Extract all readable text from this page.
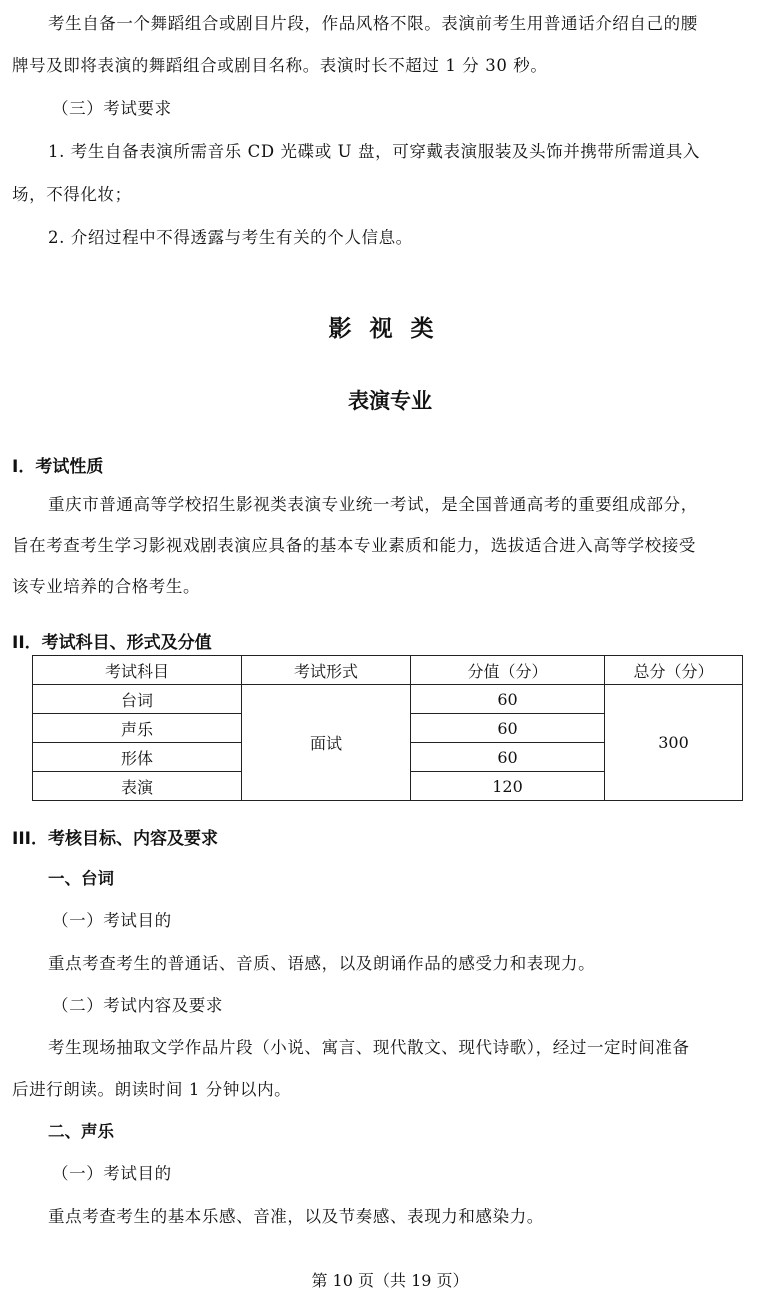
考生自备一个舞蹈组合或剧目片段，作品风格不限。表演前考生用普通话介绍自己的腰
牌号及即将表演的舞蹈组合或剧目名称。表演时长不超过 1 分 30 秒。
（三）考试要求
1. 考生自备表演所需音乐 CD 光碟或 U 盘，可穿戴表演服装及头饰并携带所需道具入
场，不得化妆；
2. 介绍过程中不得透露与考生有关的个人信息。
影视类
表演专业
I．考试性质
重庆市普通高等学校招生影视类表演专业统一考试，是全国普通高考的重要组成部分，
旨在考查考生学习影视戏剧表演应具备的基本专业素质和能力，选拔适合进入高等学校接受
该专业培养的合格考生。
II．考试科目、形式及分值
考试科目	考试形式	分值（分）	总分（分）
台词	面试	60	300
声乐		60	
形体		60	
表演		120	
III．考核目标、内容及要求
一、台词
（一）考试目的
重点考查考生的普通话、音质、语感，以及朗诵作品的感受力和表现力。
（二）考试内容及要求
考生现场抽取文学作品片段（小说、寓言、现代散文、现代诗歌），经过一定时间准备
后进行朗读。朗读时间 1 分钟以内。
二、声乐
（一）考试目的
重点考查考生的基本乐感、音准，以及节奏感、表现力和感染力。
第 10 页（共 19 页）
